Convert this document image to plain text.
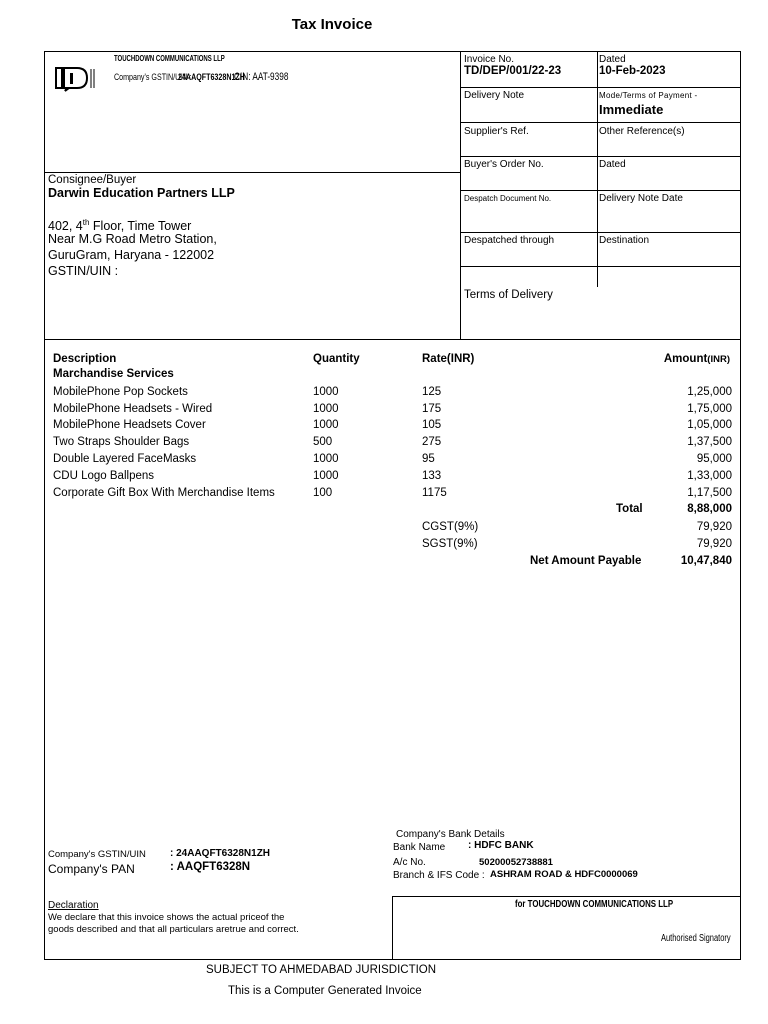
Tax Invoice
TOUCHDOWN COMMUNICATIONS LLP
Company's GSTIN/UIN :24AAQFT6328N1ZHCIN: AAT-9398
Invoice No.
TD/DEP/001/22-23
Dated
10-Feb-2023
Delivery Note	Mode/Terms of Payment -
Immediate
Supplier's Ref.	Other Reference(s)
Buyer's Order No.	Dated
Despatch Document No.	Delivery Note Date
Despatched through	Destination
Terms of Delivery
Consignee/Buyer
Darwin Education Partners LLP
402, 4th Floor, Time Tower
Near M.G Road Metro Station,
GuruGram, Haryana - 122002
GSTIN/UIN :
Description	Quantity	Rate(INR)	Amount(INR)
Marchandise Services
MobilePhone Pop Sockets	1000	125	1,25,000
MobilePhone Headsets - Wired	1000	175	1,75,000
MobilePhone Headsets Cover	1000	105	1,05,000
Two Straps Shoulder Bags	500	275	1,37,500
Double Layered FaceMasks	1000	95	95,000
CDU Logo Ballpens	1000	133	1,33,000
Corporate Gift Box With Merchandise Items	100	1175	1,17,500
Total	8,88,000
CGST(9%)	79,920
SGST(9%)	79,920
Net Amount Payable	10,47,840
Company's GSTIN/UIN : 24AAQFT6328N1ZH
Company's PAN	: AAQFT6328N
Company's Bank Details
Bank Name : HDFC BANK
A/c No.	50200052738881
Branch & IFS Code : ASHRAM ROAD & HDFC0000069
Declaration
We declare that this invoice shows the actual priceof the
goods described and that all particulars aretrue and correct.
for TOUCHDOWN COMMUNICATIONS LLP
Authorised Signatory
SUBJECT TO AHMEDABAD JURISDICTION
This is a Computer Generated Invoice
